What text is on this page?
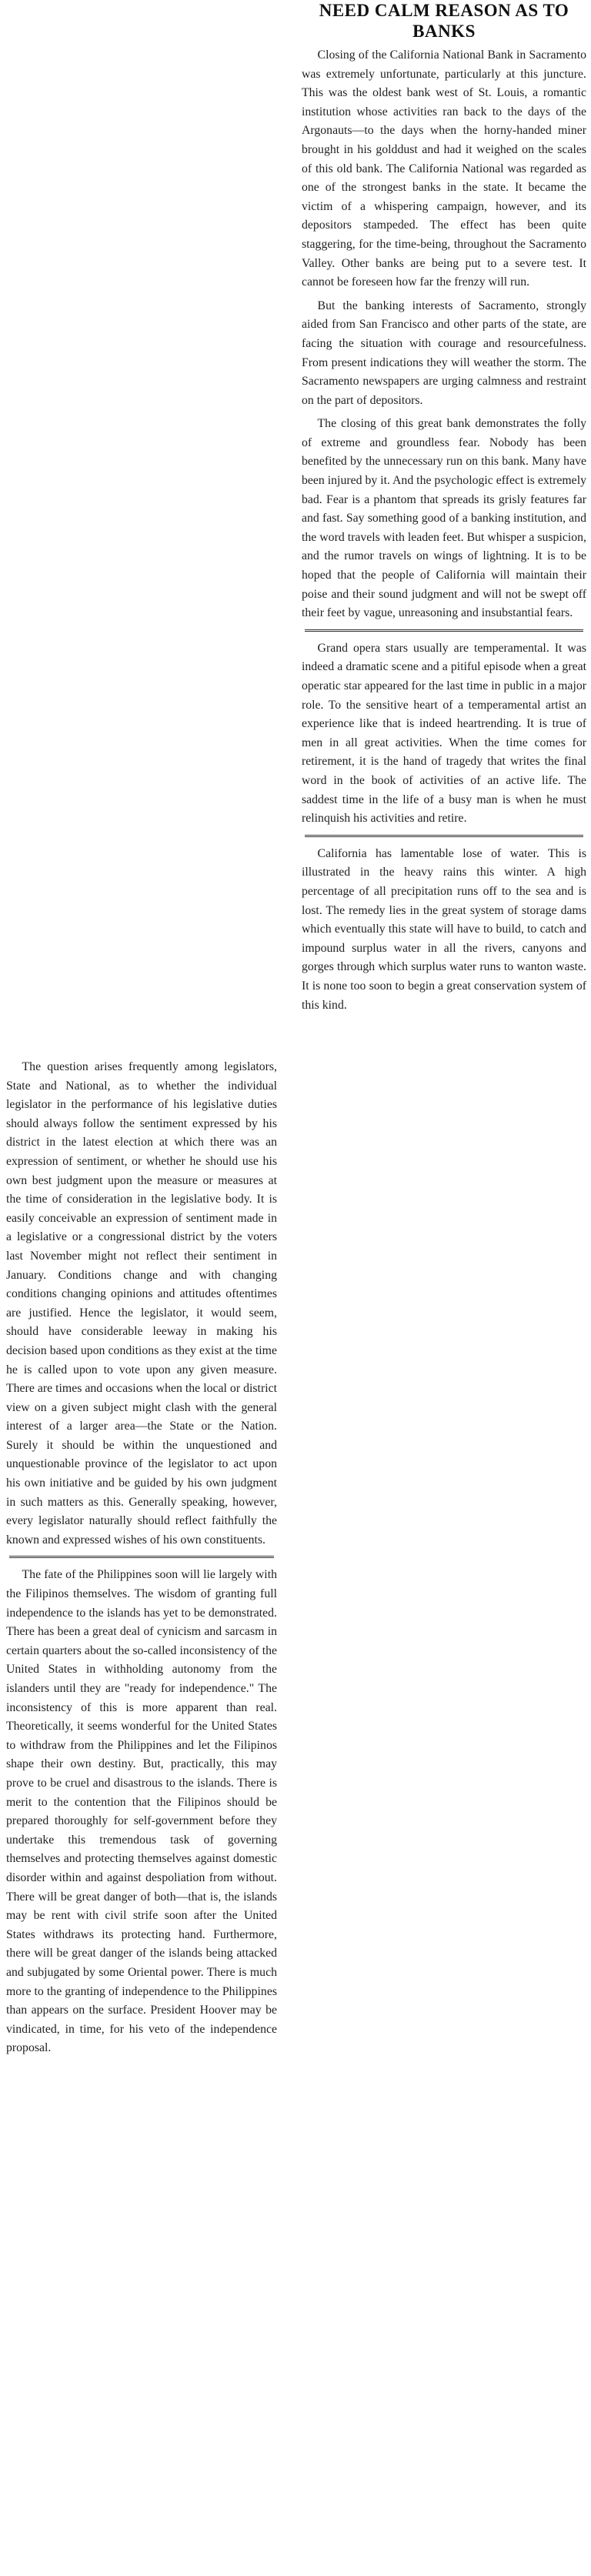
NEED CALM REASON AS TO BANKS

Closing of the California National Bank in Sacramento was extremely unfortunate, particularly at this juncture. This was the oldest bank west of St. Louis, a romantic institution whose activities ran back to the days of the Argonauts—to the days when the horny-handed miner brought in his golddust and had it weighed on the scales of this old bank. The California National was regarded as one of the strongest banks in the state. It became the victim of a whispering campaign, however, and its depositors stampeded. The effect has been quite staggering, for the time-being, throughout the Sacramento Valley. Other banks are being put to a severe test. It cannot be foreseen how far the frenzy will run.

But the banking interests of Sacramento, strongly aided from San Francisco and other parts of the state, are facing the situation with courage and resourcefulness. From present indications they will weather the storm. The Sacramento newspapers are urging calmness and restraint on the part of depositors.

The closing of this great bank demonstrates the folly of extreme and groundless fear. Nobody has been benefited by the unnecessary run on this bank. Many have been injured by it. And the psychologic effect is extremely bad. Fear is a phantom that spreads its grisly features far and fast. Say something good of a banking institution, and the word travels with leaden feet. But whisper a suspicion, and the rumor travels on wings of lightning. It is to be hoped that the people of California will maintain their poise and their sound judgment and will not be swept off their feet by vague, unreasoning and insubstantial fears.

Grand opera stars usually are temperamental. It was indeed a dramatic scene and a pitiful episode when a great operatic star appeared for the last time in public in a major role. To the sensitive heart of a temperamental artist an experience like that is indeed heartrending. It is true of men in all great activities. When the time comes for retirement, it is the hand of tragedy that writes the final word in the book of activities of an active life. The saddest time in the life of a busy man is when he must relinquish his activities and retire.

California has lamentable lose of water. This is illustrated in the heavy rains this winter. A high percentage of all precipitation runs off to the sea and is lost. The remedy lies in the great system of storage dams which eventually this state will have to build, to catch and impound surplus water in all the rivers, canyons and gorges through which surplus water runs to wanton waste. It is none too soon to begin a great conservation system of this kind.

The question arises frequently among legislators, State and National, as to whether the individual legislator in the performance of his legislative duties should always follow the sentiment expressed by his district in the latest election at which there was an expression of sentiment, or whether he should use his own best judgment upon the measure or measures at the time of consideration in the legislative body. It is easily conceivable an expression of sentiment made in a legislative or a congressional district by the voters last November might not reflect their sentiment in January. Conditions change and with changing conditions changing opinions and attitudes oftentimes are justified. Hence the legislator, it would seem, should have considerable leeway in making his decision based upon conditions as they exist at the time he is called upon to vote upon any given measure. There are times and occasions when the local or district view on a given subject might clash with the general interest of a larger area—the State or the Nation. Surely it should be within the unquestioned and unquestionable province of the legislator to act upon his own initiative and be guided by his own judgment in such matters as this. Generally speaking, however, every legislator naturally should reflect faithfully the known and expressed wishes of his own constituents.

The fate of the Philippines soon will lie largely with the Filipinos themselves. The wisdom of granting full independence to the islands has yet to be demonstrated. There has been a great deal of cynicism and sarcasm in certain quarters about the so-called inconsistency of the United States in withholding autonomy from the islanders until they are "ready for independence." The inconsistency of this is more apparent than real. Theoretically, it seems wonderful for the United States to withdraw from the Philippines and let the Filipinos shape their own destiny. But, practically, this may prove to be cruel and disastrous to the islands. There is merit to the contention that the Filipinos should be prepared thoroughly for self-government before they undertake this tremendous task of governing themselves and protecting themselves against domestic disorder within and against despoliation from without. There will be great danger of both—that is, the islands may be rent with civil strife soon after the United States withdraws its protecting hand. Furthermore, there will be great danger of the islands being attacked and subjugated by some Oriental power. There is much more to the granting of independence to the Philippines than appears on the surface. President Hoover may be vindicated, in time, for his veto of the independence proposal.
